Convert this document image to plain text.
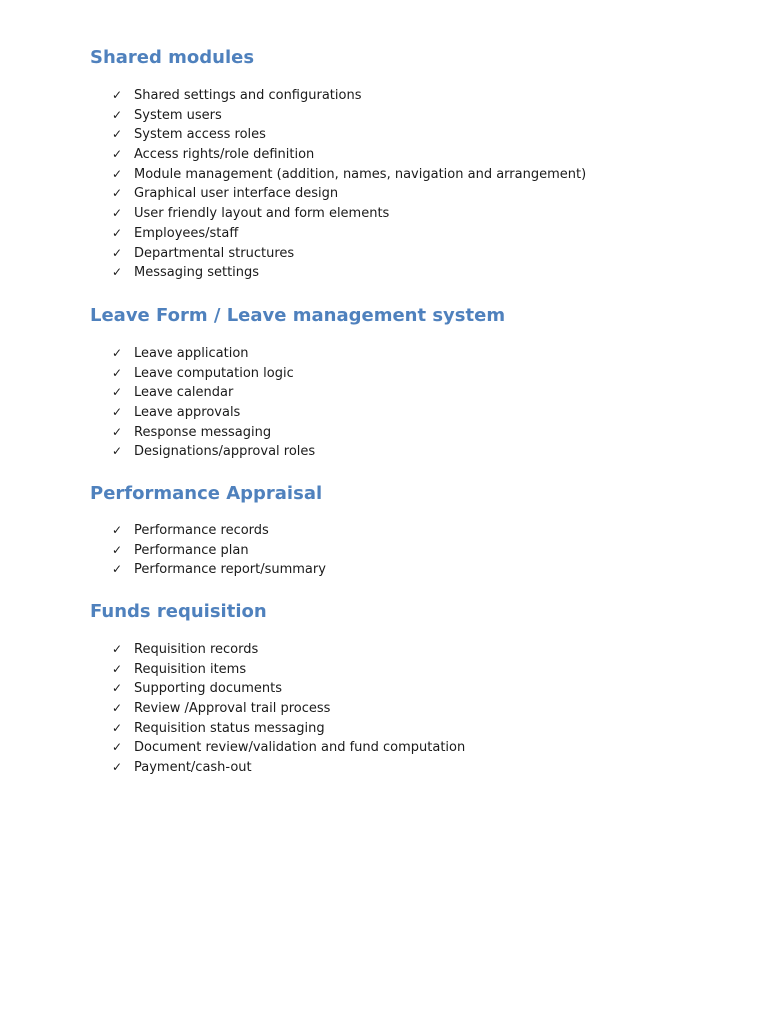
Shared modules
✓ Shared settings and configurations
✓ System users
✓ System access roles
✓ Access rights/role definition
✓ Module management (addition, names, navigation and arrangement)
✓ Graphical user interface design
✓ User friendly layout and form elements
✓ Employees/staff
✓ Departmental structures
✓ Messaging settings
Leave Form / Leave management system
✓ Leave application
✓ Leave computation logic
✓ Leave calendar
✓ Leave approvals
✓ Response messaging
✓ Designations/approval roles
Performance Appraisal
✓ Performance records
✓ Performance plan
✓ Performance report/summary
Funds requisition
✓ Requisition records
✓ Requisition items
✓ Supporting documents
✓ Review /Approval trail process
✓ Requisition status messaging
✓ Document review/validation and fund computation
✓ Payment/cash-out
